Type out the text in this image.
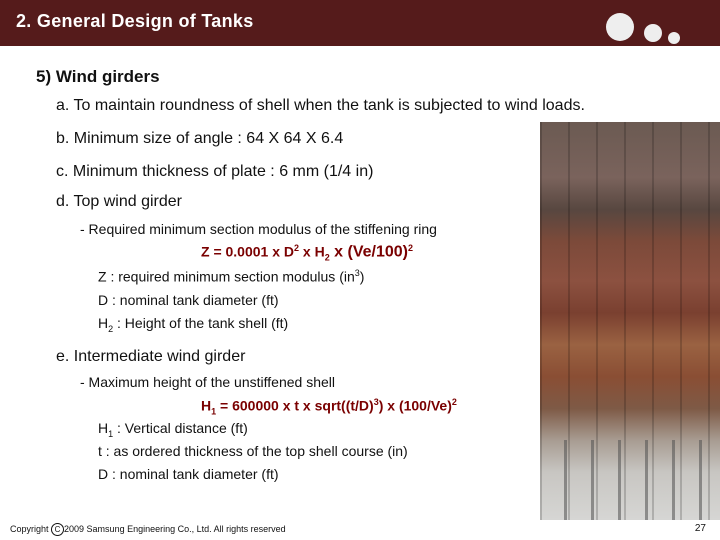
2. General Design of Tanks
5) Wind girders
a. To maintain roundness of shell when the tank is subjected to wind loads.
b. Minimum size of angle : 64 X 64 X 6.4
c. Minimum thickness of plate : 6 mm (1/4 in)
d. Top wind girder
- Required minimum section modulus of the stiffening ring
Z = 0.0001 x $D^2$ x $H_2$ x $(Ve/100)^2$
Z : required minimum section modulus $(in^3)$
D : nominal tank diameter (ft)
$H_2$ : Height of the tank shell (ft)
e. Intermediate wind girder
- Maximum height of the unstiffened shell
$H_1 = 600000$ x t x $sqrt((t/D)^3)$ x $(100/Ve)^2$
$H_1$ : Vertical distance (ft)
t : as ordered thickness of the top shell course (in)
D : nominal tank diameter (ft)
Copyright C 2009 Samsung Engineering Co., Ltd. All rights reserved	27
